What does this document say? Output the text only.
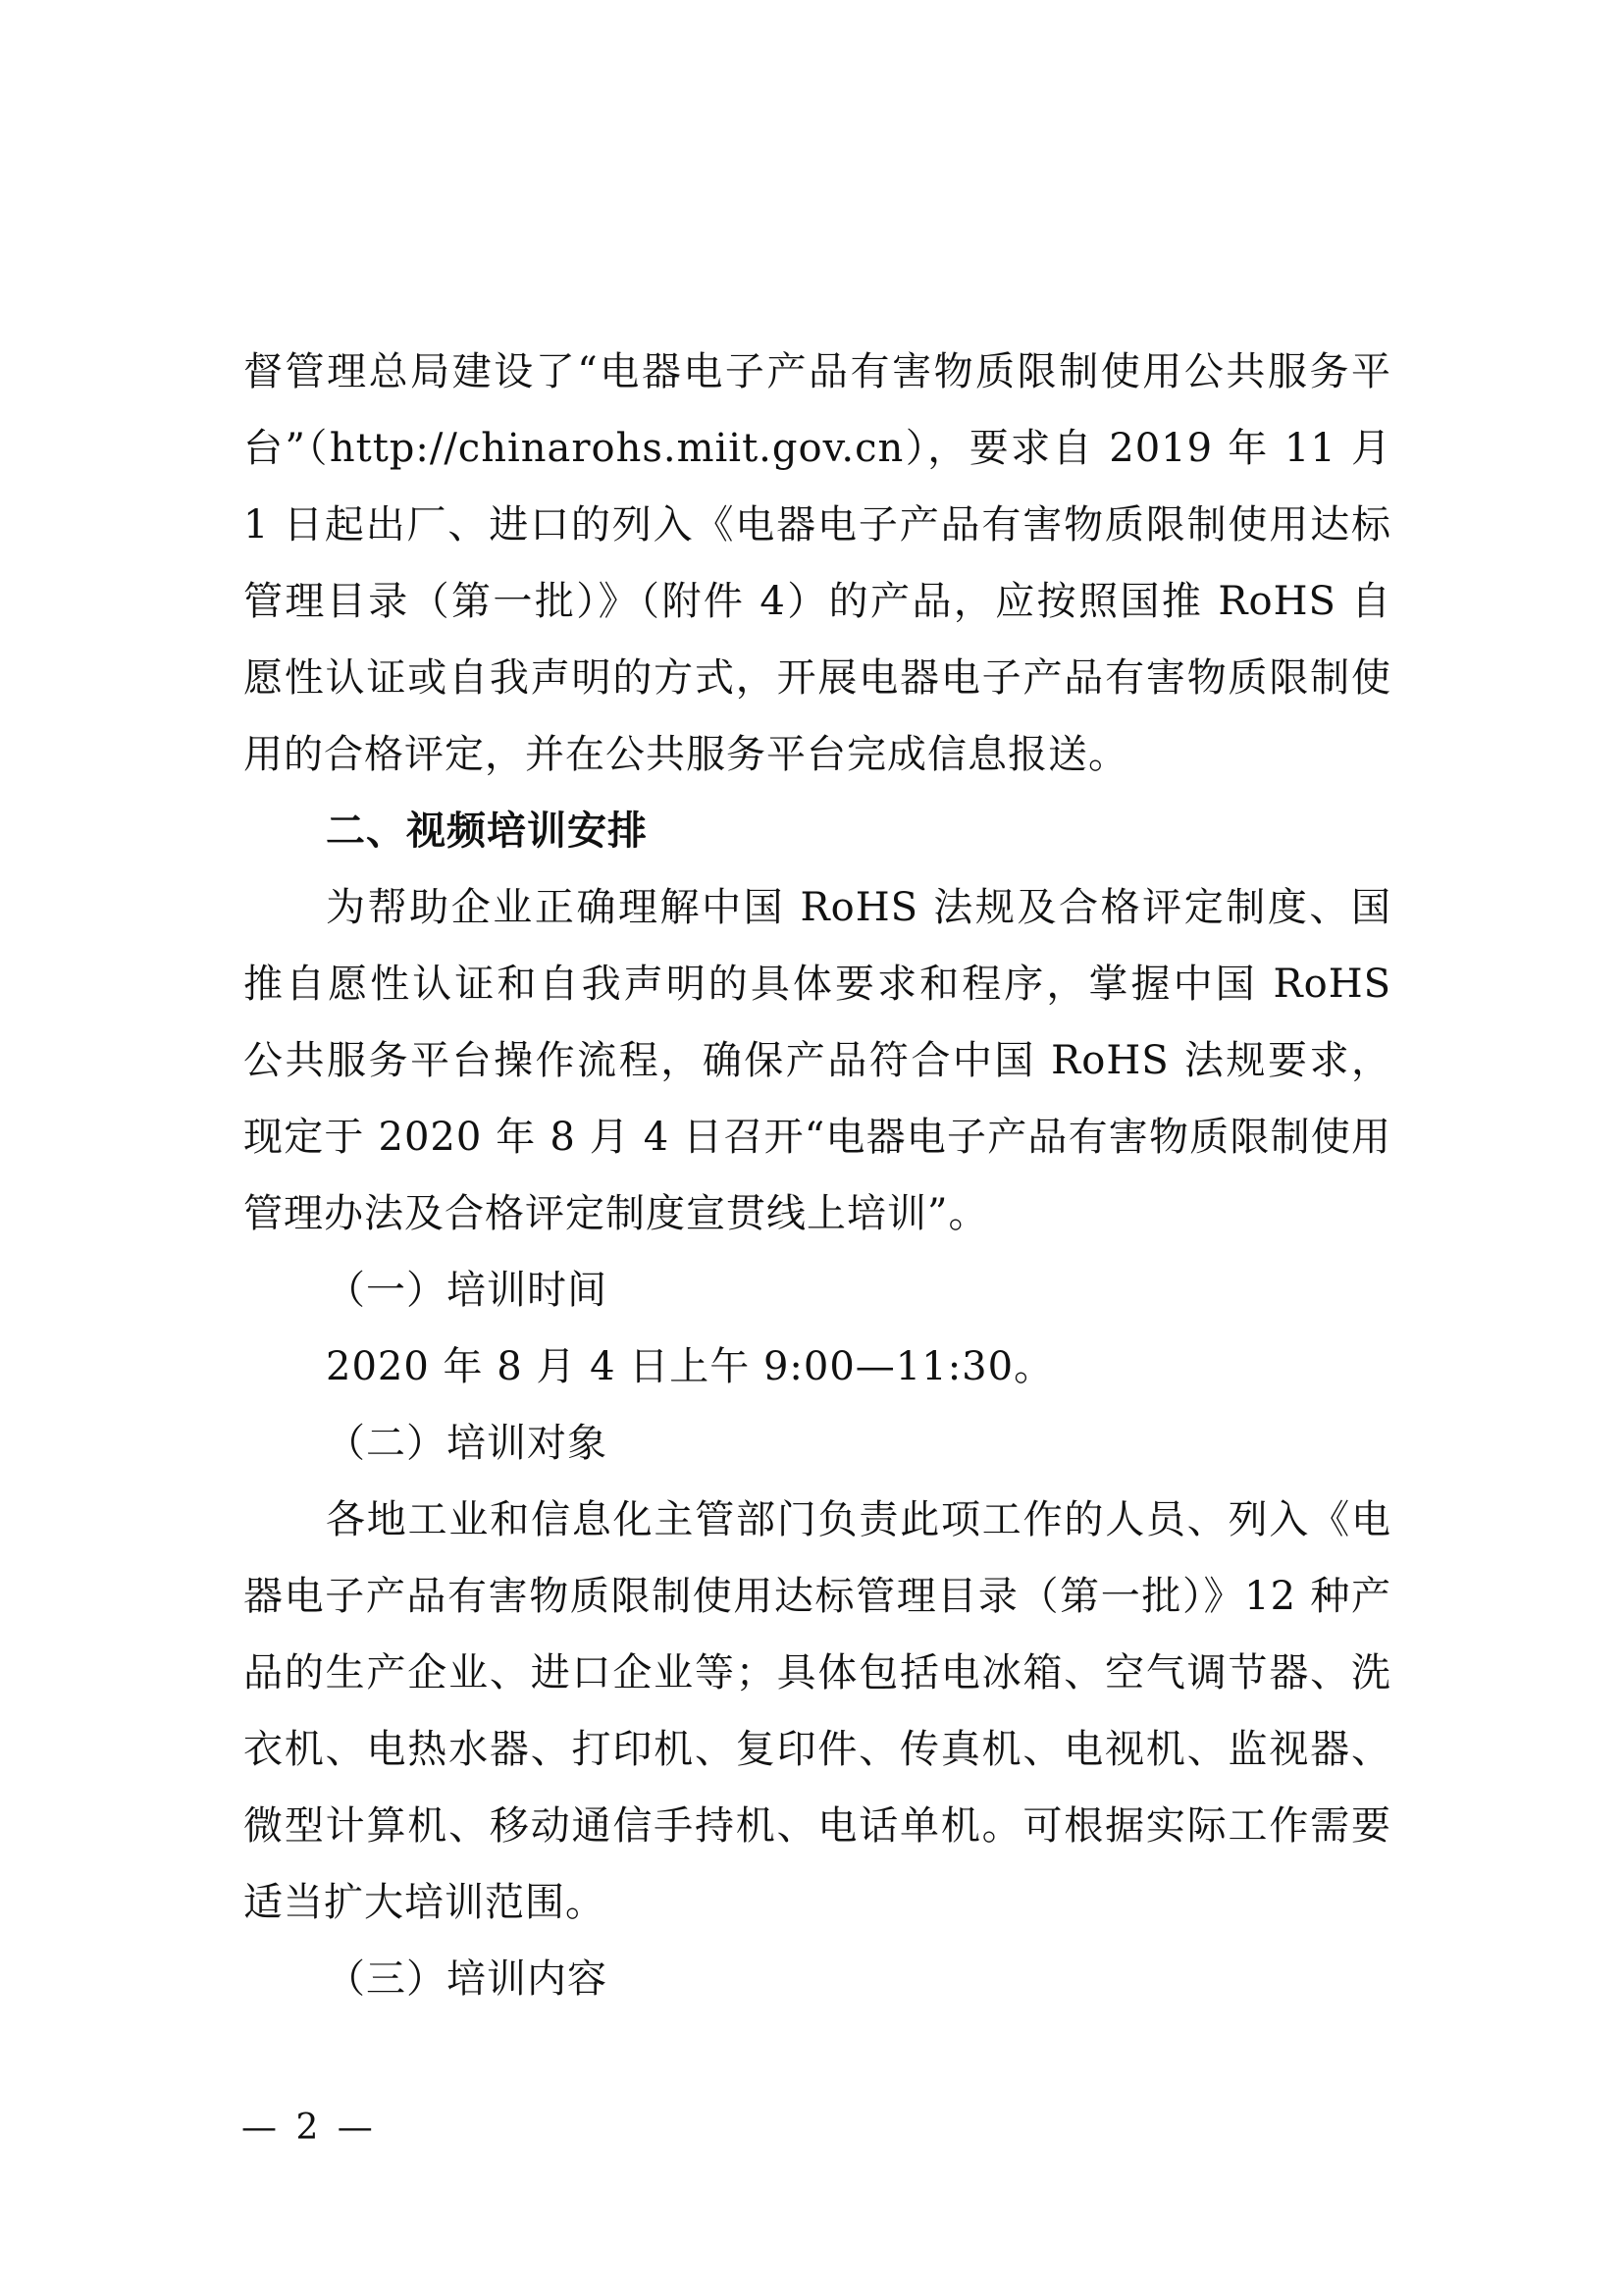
督管理总局建设了“电器电子产品有害物质限制使用公共服务平台”（http://chinarohs.miit.gov.cn），要求自 2019 年 11 月 1 日起出厂、进口的列入《电器电子产品有害物质限制使用达标管理目录（第一批）》（附件 4）的产品，应按照国推 RoHS 自愿性认证或自我声明的方式，开展电器电子产品有害物质限制使用的合格评定，并在公共服务平台完成信息报送。

二、视频培训安排

为帮助企业正确理解中国 RoHS 法规及合格评定制度、国推自愿性认证和自我声明的具体要求和程序，掌握中国 RoHS 公共服务平台操作流程，确保产品符合中国 RoHS 法规要求，现定于 2020 年 8 月 4 日召开“电器电子产品有害物质限制使用管理办法及合格评定制度宣贯线上培训”。

（一）培训时间

2020 年 8 月 4 日上午 9:00—11:30。

（二）培训对象

各地工业和信息化主管部门负责此项工作的人员、列入《电器电子产品有害物质限制使用达标管理目录（第一批）》12 种产品的生产企业、进口企业等；具体包括电冰箱、空气调节器、洗衣机、电热水器、打印机、复印件、传真机、电视机、监视器、微型计算机、移动通信手持机、电话单机。可根据实际工作需要适当扩大培训范围。

（三）培训内容

— 2 —
